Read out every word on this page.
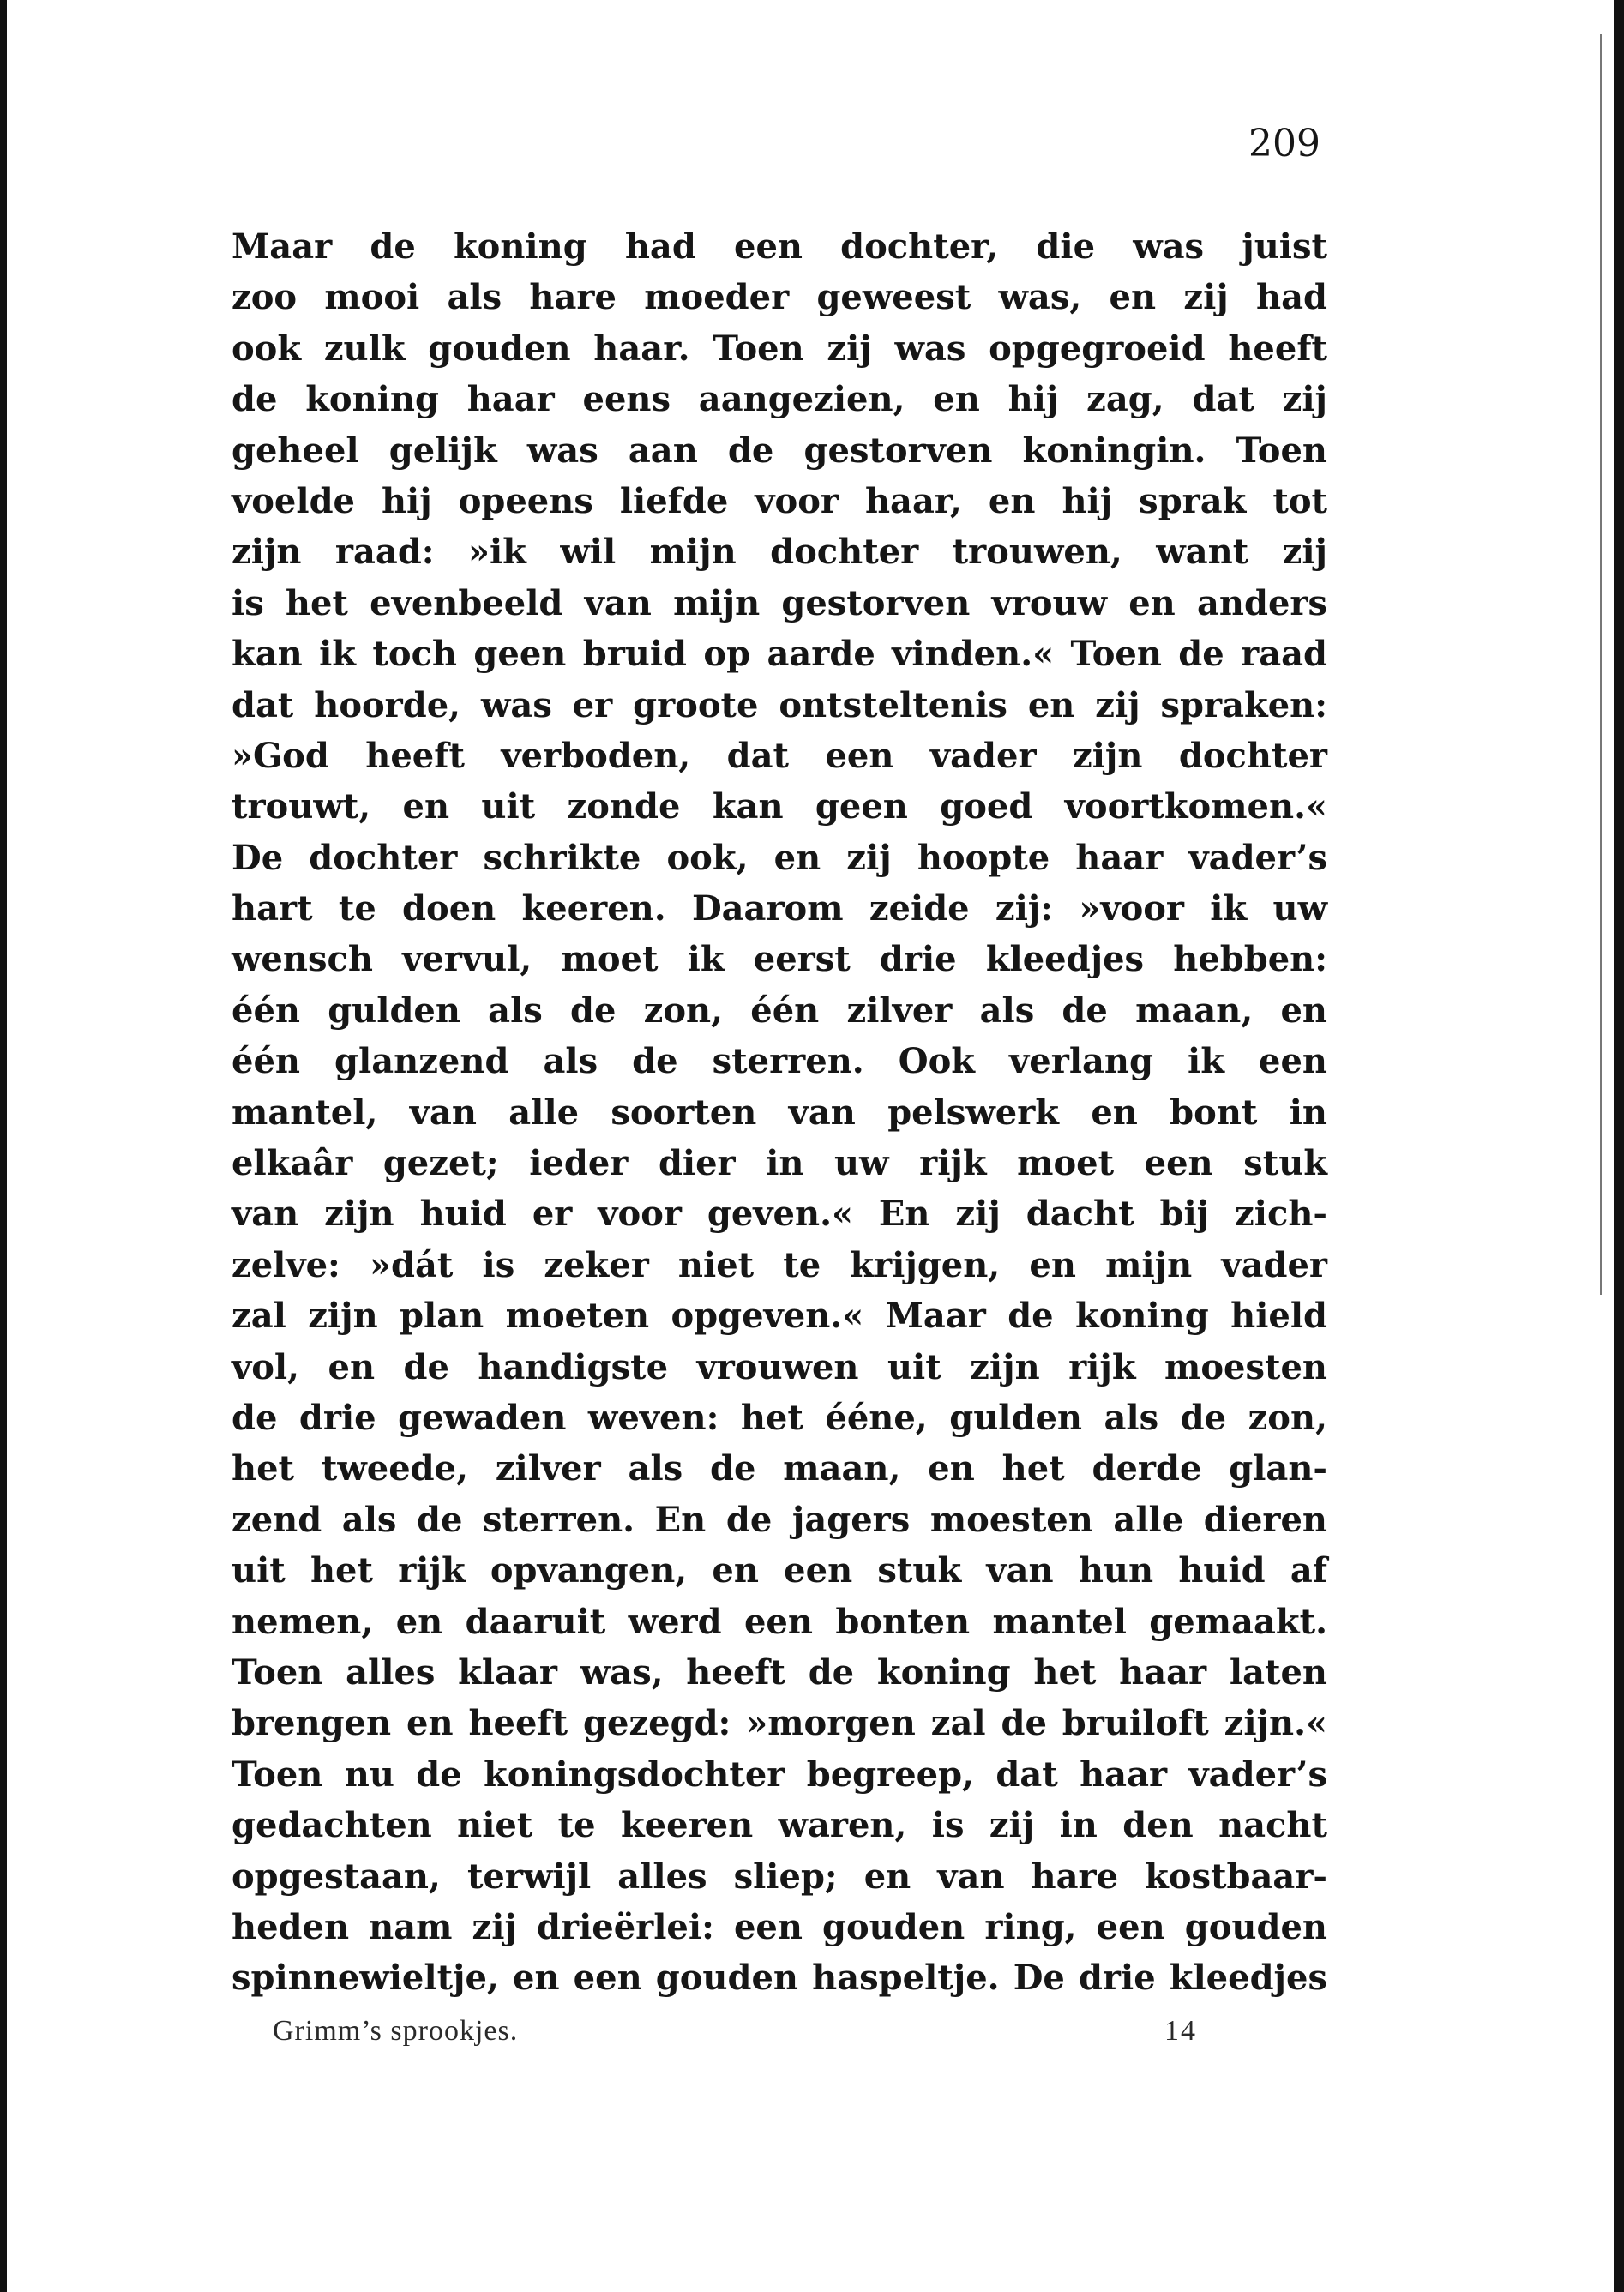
209

Maar de koning had een dochter, die was juist
zoo mooi als hare moeder geweest was, en zij had
ook zulk gouden haar. Toen zij was opgegroeid heeft
de koning haar eens aangezien, en hij zag, dat zij
geheel gelijk was aan de gestorven koningin. Toen
voelde hij opeens liefde voor haar, en hij sprak tot
zijn raad: »ik wil mijn dochter trouwen, want zij
is het evenbeeld van mijn gestorven vrouw en anders
kan ik toch geen bruid op aarde vinden.« Toen de raad
dat hoorde, was er groote ontsteltenis en zij spraken:
»God heeft verboden, dat een vader zijn dochter
trouwt, en uit zonde kan geen goed voortkomen.«
De dochter schrikte ook, en zij hoopte haar vader’s
hart te doen keeren. Daarom zeide zij: »voor ik uw
wensch vervul, moet ik eerst drie kleedjes hebben:
één gulden als de zon, één zilver als de maan, en
één glanzend als de sterren. Ook verlang ik een
mantel, van alle soorten van pelswerk en bont in
elkaâr gezet; ieder dier in uw rijk moet een stuk
van zijn huid er voor geven.« En zij dacht bij zich-
zelve: »dát is zeker niet te krijgen, en mijn vader
zal zijn plan moeten opgeven.« Maar de koning hield
vol, en de handigste vrouwen uit zijn rijk moesten
de drie gewaden weven: het ééne, gulden als de zon,
het tweede, zilver als de maan, en het derde glan-
zend als de sterren. En de jagers moesten alle dieren
uit het rijk opvangen, en een stuk van hun huid af
nemen, en daaruit werd een bonten mantel gemaakt.
Toen alles klaar was, heeft de koning het haar laten
brengen en heeft gezegd: »morgen zal de bruiloft zijn.«
Toen nu de koningsdochter begreep, dat haar vader’s
gedachten niet te keeren waren, is zij in den nacht
opgestaan, terwijl alles sliep; en van hare kostbaar-
heden nam zij drieërlei: een gouden ring, een gouden
spinnewieltje, en een gouden haspeltje. De drie kleedjes

Grimm’s sprookjes.	14
